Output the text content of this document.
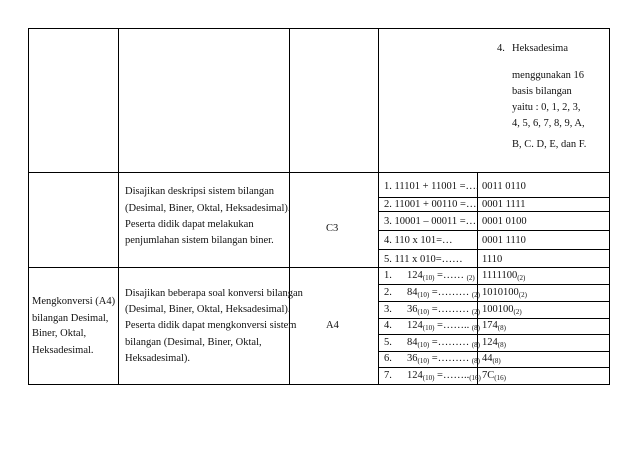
4. Heksadesima
menggunakan 16
basis bilangan
yaitu : 0, 1, 2, 3,
4, 5, 6, 7, 8, 9, A,
B, C. D, E, dan F.
Disajikan deskripsi sistem bilangan
(Desimal, Biner, Oktal, Heksadesimal).
Peserta didik dapat melakukan
penjumlahan sistem bilangan biner.
C3
1. 11101 + 11001 =…. 0011 0110
2. 11001 + 00110 =… 0001 1111
3. 10001 – 00011 =… 0001 0100
4. 110 x 101=…	0001 1110
5. 111 x 010=…… 1110
Mengkonversi (A4)
bilangan Desimal,
Biner, Oktal,
Heksadesimal.
Disajikan beberapa soal konversi bilangan
(Desimal, Biner, Oktal, Heksadesimal).
Peserta didik dapat mengkonversi sistem
bilangan (Desimal, Biner, Oktal,
Heksadesimal).
A4
1. $124_{(10)}$ =…… $_{(2)}$ $1111100_{(2)}$
2. $84_{(10)}$ =……… $_{(2)}$ $1010100_{(2)}$
3. $36_{(10)}$ =……… $_{(2)}$ $100100_{(2)}$
4. $124_{(10)}$ =…….. $_{(8)}$ $174_{(8)}$
5. $84_{(10)}$ =……… $_{(8)}$ $124_{(8)}$
6. $36_{(10)}$ =……… $_{(8)}$ $44_{(8)}$
7. $124_{(10)}$ $=\dots\dots.._{(16)}$ $7C_{(16)}$
